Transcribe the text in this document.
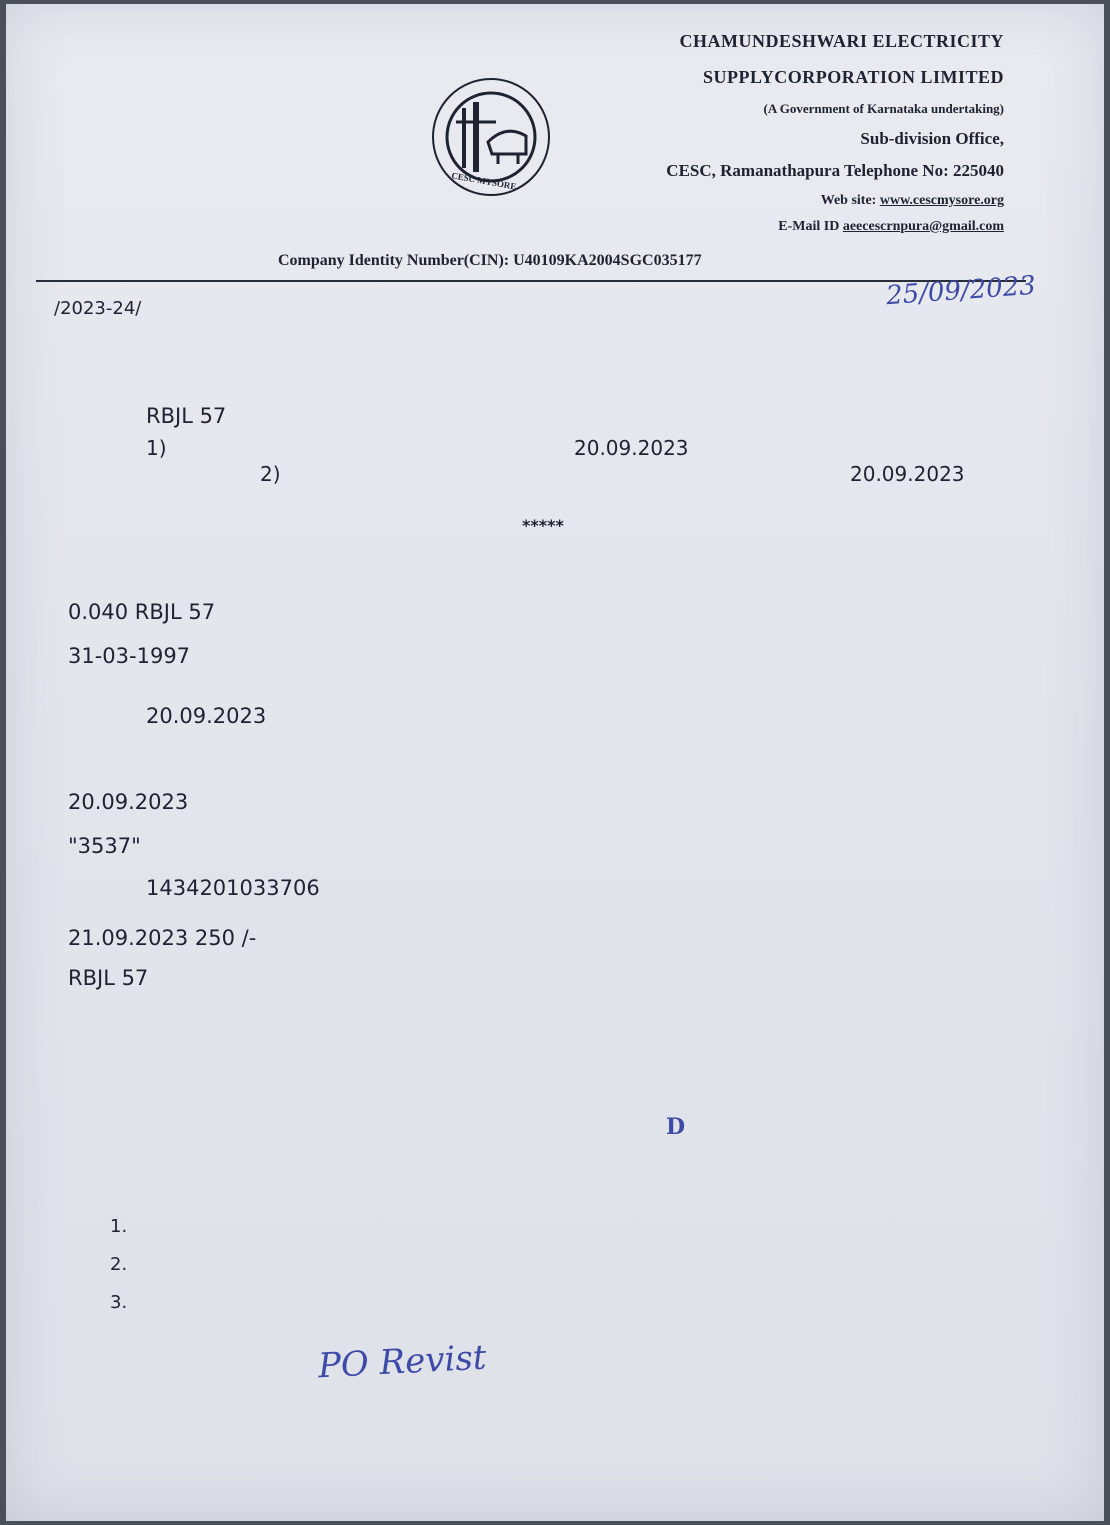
CESC MYSORE
CHAMUNDESHWARI ELECTRICITY
SUPPLYCORPORATION LIMITED
(A Government of Karnataka undertaking)
Sub-division Office,
CESC, Ramanathapura Telephone No: 225040
Web site: www.cescmysore.org
E-Mail ID aeecescrnpura@gmail.com
Company Identity Number(CIN): U40109KA2004SGC035177
/2023-24/	25/09/2023
RBJL 57
1)	20.09.2023
2)	20.09.2023
*****
0.040 RBJL 57
31-03-1997
20.09.2023
20.09.2023
"3537"
1434201033706
21.09.2023 250 /-
RBJL 57
D
1.
2.
3.
PO Revist
